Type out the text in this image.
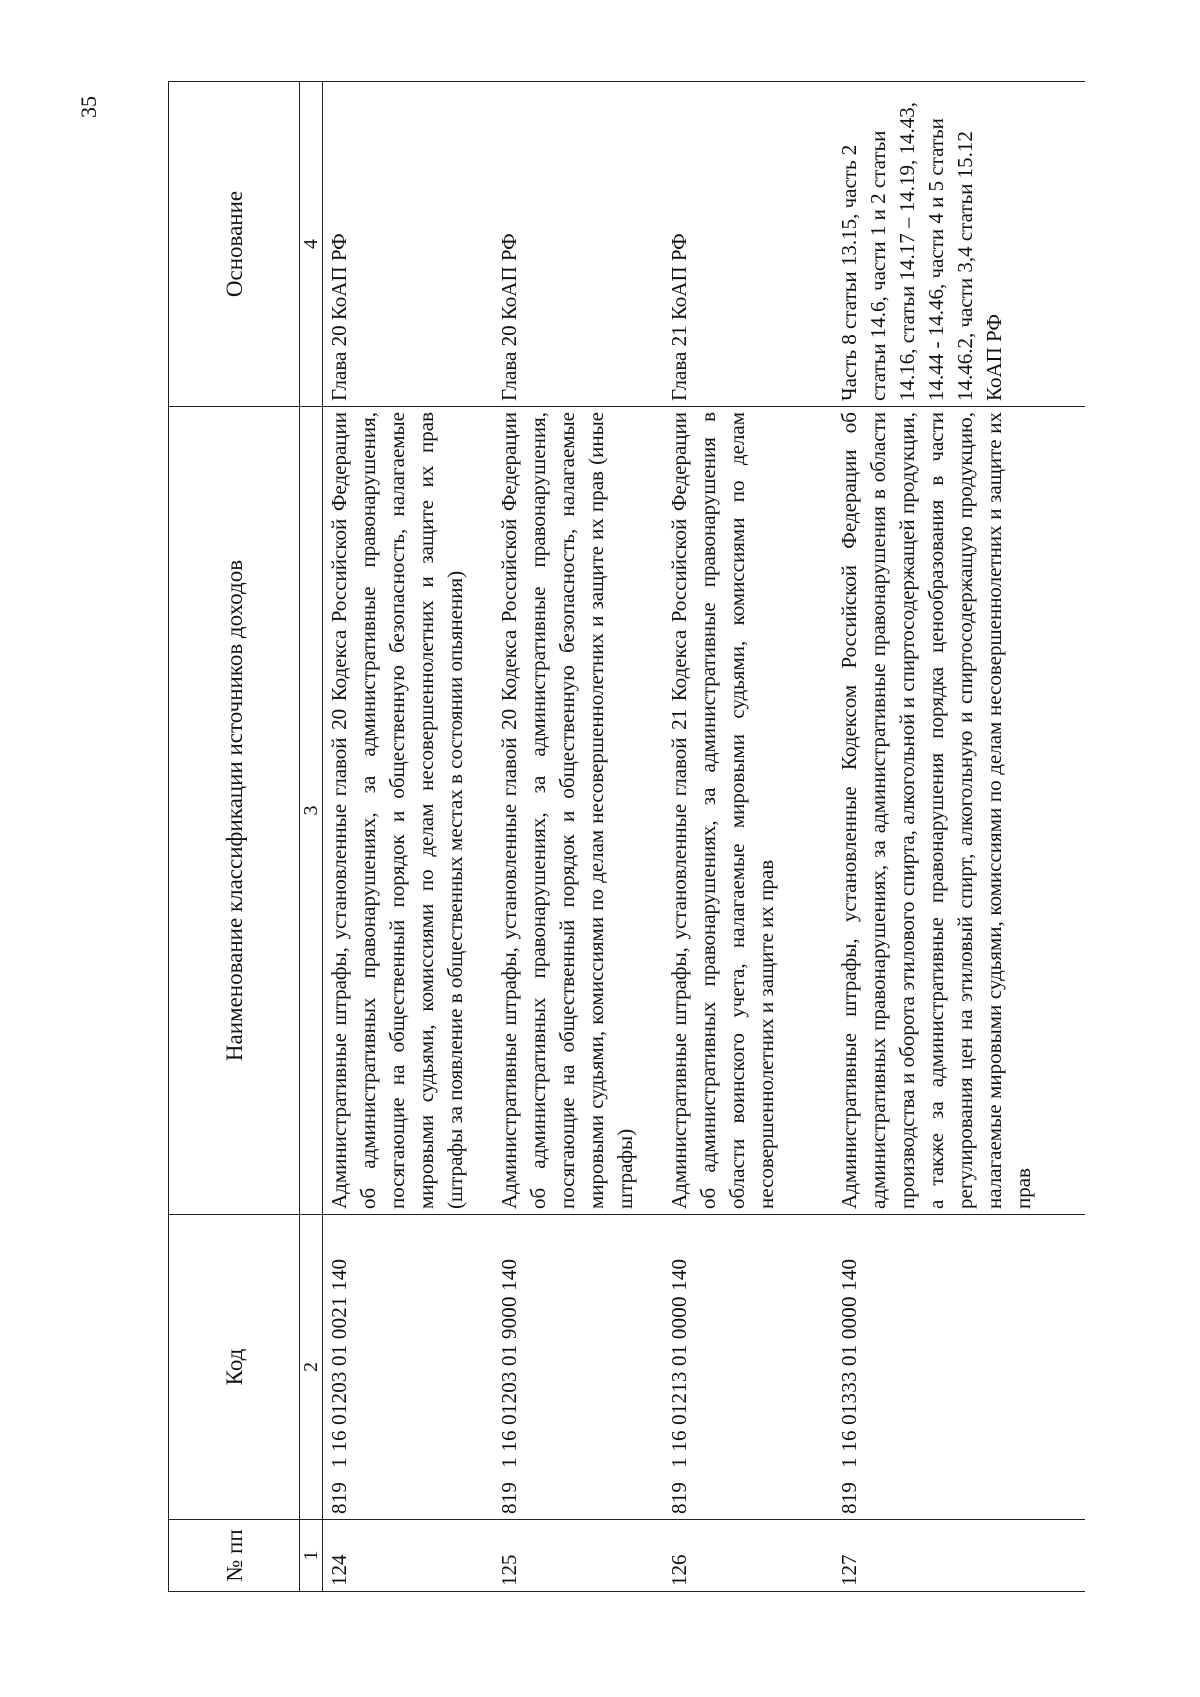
35
№ пп	Код	Наименование классификации источников доходов	Основание
1	2	3	4
124	8191 16 01203 01 0021 140	Административные штрафы, установленные главой 20 Кодекса Российской Федерации об административных правонарушениях, за административные правонарушения, посягающие на общественный порядок и общественную безопасность, налагаемые мировыми судьями, комиссиями по делам несовершеннолетних и защите их прав (штрафы за появление в общественных местах в состоянии опьянения)	Глава 20 КоАП РФ
125	8191 16 01203 01 9000 140	Административные штрафы, установленные главой 20 Кодекса Российской Федерации об административных правонарушениях, за административные правонарушения, посягающие на общественный порядок и общественную безопасность, налагаемые мировыми судьями, комиссиями по делам несовершеннолетних и защите их прав (иные штрафы)	Глава 20 КоАП РФ
126	8191 16 01213 01 0000 140	Административные штрафы, установленные главой 21 Кодекса Российской Федерации об административных правонарушениях, за административные правонарушения в области воинского учета, налагаемые мировыми судьями, комиссиями по делам несовершеннолетних и защите их прав	Глава 21 КоАП РФ
127	8191 16 01333 01 0000 140	Административные штрафы, установленные Кодексом Российской Федерации об административных правонарушениях, за административные правонарушения в области производства и оборота этилового спирта, алкогольной и спиртосодержащей продукции, а также за административные правонарушения порядка ценообразования в части регулирования цен на этиловый спирт, алкогольную и спиртосодержащую продукцию, налагаемые мировыми судьями, комиссиями по делам несовершеннолетних и защите их прав	Часть 8 статьи 13.15, часть 2 статьи 14.6, части 1 и 2 статьи 14.16, статьи 14.17 – 14.19, 14.43, 14.44 - 14.46, части 4 и 5 статьи 14.46.2, части 3,4 статьи 15.12 КоАП РФ
